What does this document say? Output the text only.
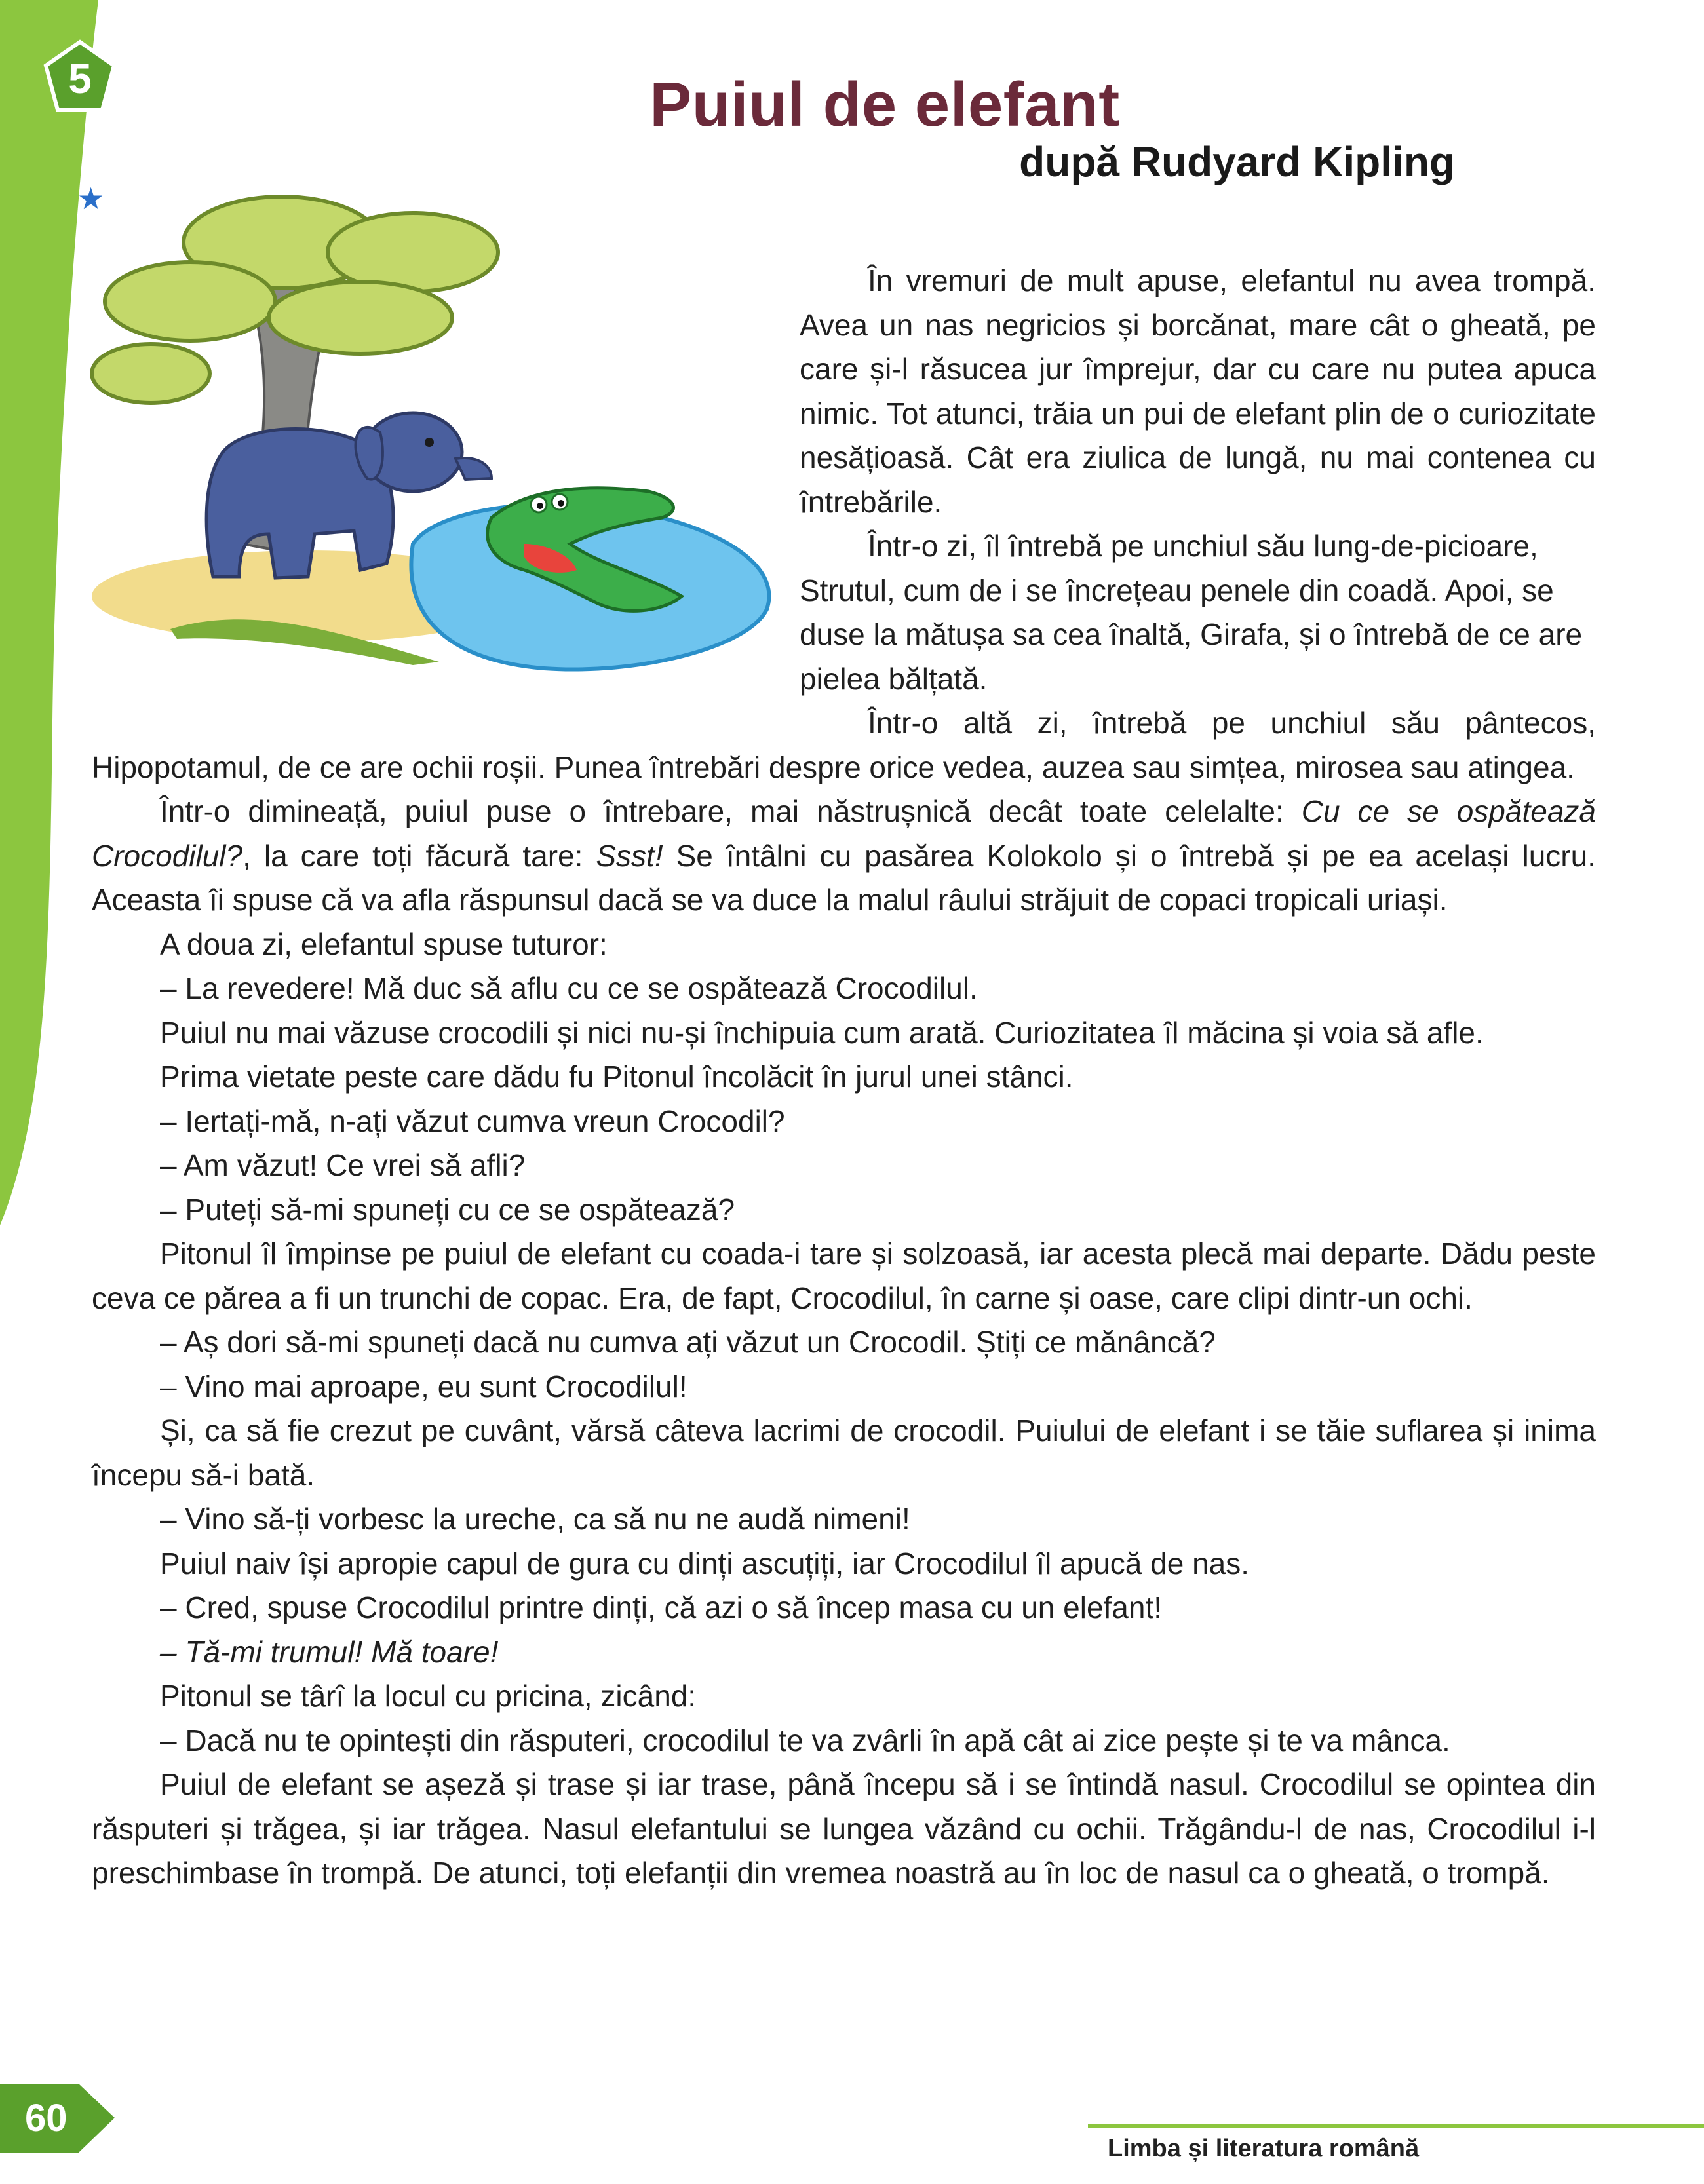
5
★
Puiul de elefant
după Rudyard Kipling

În vremuri de mult apuse, elefantul nu avea trompă. Avea un nas negricios și borcănat, mare cât o gheată, pe care și-l răsucea jur împrejur, dar cu care nu putea apuca nimic. Tot atunci, trăia un pui de elefant plin de o curiozitate nesățioasă. Cât era ziulica de lungă, nu mai contenea cu întrebările.

Într-o zi, îl întrebă pe unchiul său lung-de-picioare, Strutul, cum de i se încrețeau penele din coadă. Apoi, se duse la mătușa sa cea înaltă, Girafa, și o întrebă de ce are pielea bălțată.

Într-o altă zi, întrebă pe unchiul său pântecos, Hipopotamul, de ce are ochii roșii. Punea întrebări despre orice vedea, auzea sau simțea, mirosea sau atingea.

Într-o dimineață, puiul puse o întrebare, mai năstrușnică decât toate celelalte: Cu ce se ospătează Crocodilul?, la care toți făcură tare: Ssst! Se întâlni cu pasărea Kolokolo și o întrebă și pe ea același lucru. Aceasta îi spuse că va afla răspunsul dacă se va duce la malul râului străjuit de copaci tropicali uriași.

A doua zi, elefantul spuse tuturor:

– La revedere! Mă duc să aflu cu ce se ospătează Crocodilul.

Puiul nu mai văzuse crocodili și nici nu-și închipuia cum arată. Curiozitatea îl măcina și voia să afle.

Prima vietate peste care dădu fu Pitonul încolăcit în jurul unei stânci.

– Iertați-mă, n-ați văzut cumva vreun Crocodil?

– Am văzut! Ce vrei să afli?

– Puteți să-mi spuneți cu ce se ospătează?

Pitonul îl împinse pe puiul de elefant cu coada-i tare și solzoasă, iar acesta plecă mai departe. Dădu peste ceva ce părea a fi un trunchi de copac. Era, de fapt, Crocodilul, în carne și oase, care clipi dintr-un ochi.

– Aș dori să-mi spuneți dacă nu cumva ați văzut un Crocodil. Știți ce mănâncă?

– Vino mai aproape, eu sunt Crocodilul!

Și, ca să fie crezut pe cuvânt, vărsă câteva lacrimi de crocodil. Puiului de elefant i se tăie suflarea și inima începu să-i bată.

– Vino să-ți vorbesc la ureche, ca să nu ne audă nimeni!

Puiul naiv își apropie capul de gura cu dinți ascuțiți, iar Crocodilul îl apucă de nas.

– Cred, spuse Crocodilul printre dinți, că azi o să încep masa cu un elefant!

– Tă-mi trumul! Mă toare!

Pitonul se târî la locul cu pricina, zicând:

– Dacă nu te opintești din răsputeri, crocodilul te va zvârli în apă cât ai zice pește și te va mânca.

Puiul de elefant se așeză și trase și iar trase, până începu să i se întindă nasul. Crocodilul se opintea din răsputeri și trăgea, și iar trăgea. Nasul elefantului se lungea văzând cu ochii. Trăgându-l de nas, Crocodilul i-l preschimbase în trompă. De atunci, toți elefanții din vremea noastră au în loc de nasul ca o gheată, o trompă.

60
Limba și literatura română
